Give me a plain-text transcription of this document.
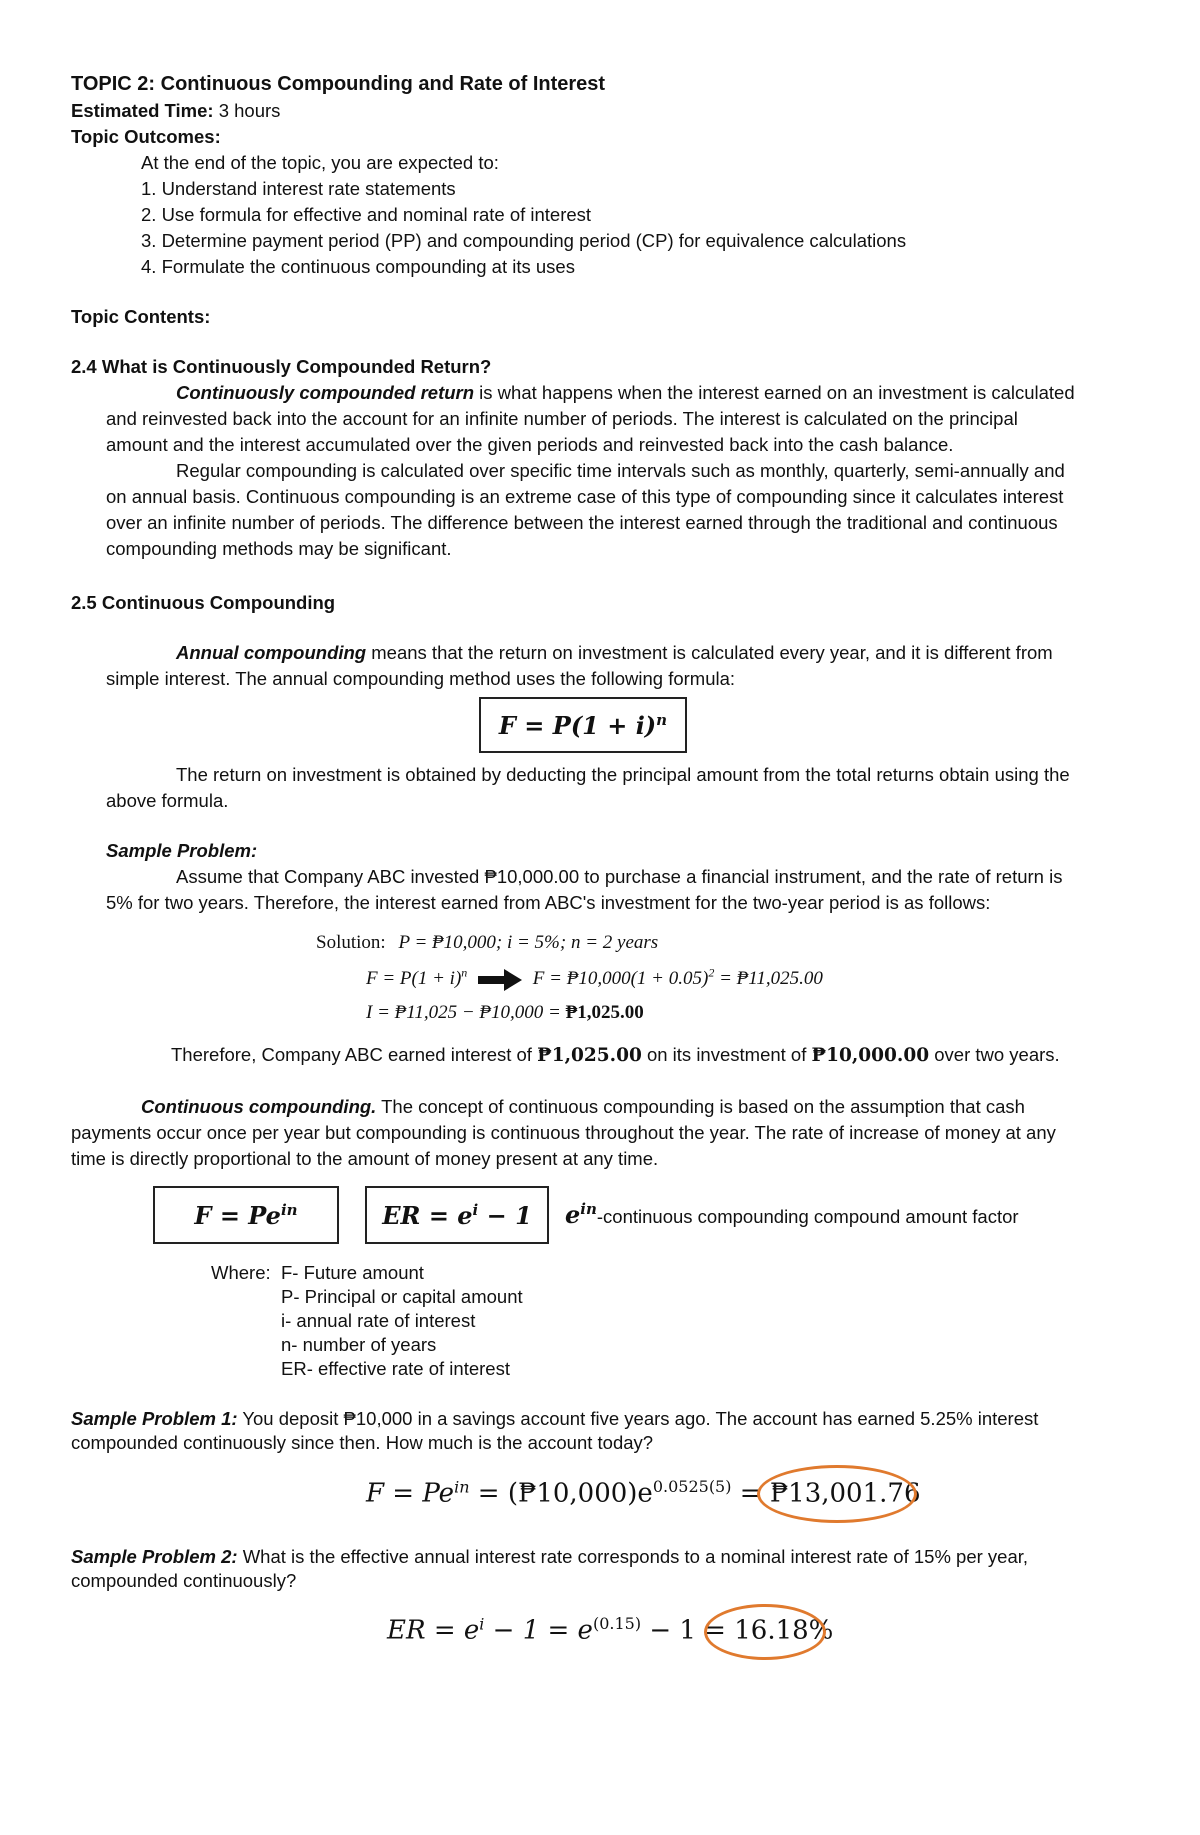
TOPIC 2: Continuous Compounding and Rate of Interest
Estimated Time: 3 hours
Topic Outcomes:
At the end of the topic, you are expected to:
1. Understand interest rate statements
2. Use formula for effective and nominal rate of interest
3. Determine payment period (PP) and compounding period (CP) for equivalence calculations
4. Formulate the continuous compounding at its uses
Topic Contents:
2.4 What is Continuously Compounded Return?
Continuously compounded return is what happens when the interest earned on an investment is calculated
and reinvested back into the account for an infinite number of periods. The interest is calculated on the principal
amount and the interest accumulated over the given periods and reinvested back into the cash balance.
Regular compounding is calculated over specific time intervals such as monthly, quarterly, semi-annually and
on annual basis. Continuous compounding is an extreme case of this type of compounding since it calculates interest
over an infinite number of periods. The difference between the interest earned through the traditional and continuous
compounding methods may be significant.
2.5 Continuous Compounding
Annual compounding means that the return on investment is calculated every year, and it is different from
simple interest. The annual compounding method uses the following formula:
$F = P(1 + i)^n$
The return on investment is obtained by deducting the principal amount from the total returns obtain using the
above formula.
Sample Problem:
Assume that Company ABC invested ₱10,000.00 to purchase a financial instrument, and the rate of return is
5% for two years. Therefore, the interest earned from ABC's investment for the two-year period is as follows:
Solution: P = ₱10,000; i = 5%; n = 2 years
$F = P(1 + i)^n$	F = ₱10,000(1 + 0.05)$^2$ = ₱11,025.00
I = ₱11,025 − ₱10,000 = ₱1,025.00
Therefore, Company ABC earned interest of ₱1,025.00 on its investment of ₱10,000.00 over two years.
Continuous compounding. The concept of continuous compounding is based on the assumption that cash
payments occur once per year but compounding is continuous throughout the year. The rate of increase of money at any
time is directly proportional to the amount of money present at any time.
$F = Pe^{in}$	ER = $e^i - 1$ $e^{in}$-continuous compounding compound amount factor
Where: F- Future amount
P- Principal or capital amount
i- annual rate of interest
n- number of years
ER- effective rate of interest
Sample Problem 1: You deposit ₱10,000 in a savings account five years ago. The account has earned 5.25% interest
compounded continuously since then. How much is the account today?
$F = Pe^{in}$ = $(₱10,000)e^{0.0525(5)}$ = ₱13,001.76
Sample Problem 2: What is the effective annual interest rate corresponds to a nominal interest rate of 15% per year,
compounded continuously?
ER = $e^i - 1 = e^{(0.15)} - 1 = 16.18\%$
